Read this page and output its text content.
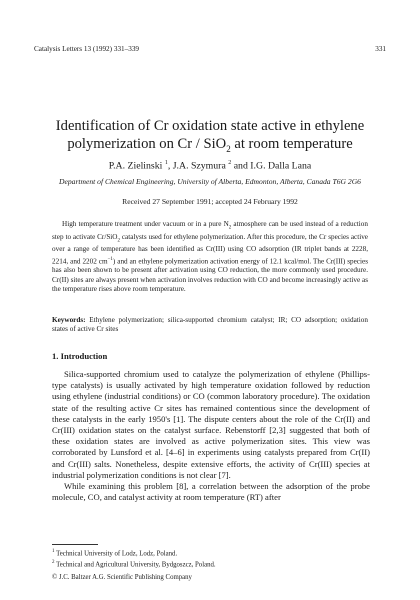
Catalysis Letters 13 (1992) 331–339	331
Identification of Cr oxidation state active in ethylene
polymerization on Cr / SiO$_2$ at room temperature
P.A. Zielinski $^1$, J.A. Szymura $^2$ and I.G. Dalla Lana
Department of Chemical Engineering, University of Alberta, Edmonton, Alberta, Canada T6G 2G6
Received 27 September 1991; accepted 24 February 1992
High temperature treatment under vacuum or in a pure $N_2$ atmosphere can be used instead of a reduction step to activate Cr/SiO$_2$ catalysts used for ethylene polymerization. After this procedure, the Cr species active over a range of temperature has been identified as Cr(III) using CO adsorption (IR triplet bands at 2228, 2214, and 2202 $cm^{-1}$) and an ethylene polymerization activation energy of 12.1 kcal/mol. The Cr(III) species has also been shown to be present after activation using CO reduction, the more commonly used procedure. Cr(II) sites are always present when activation involves reduction with CO and become increasingly active as the temperature rises above room temperature.
Keywords: Ethylene polymerization; silica-supported chromium catalyst; IR; CO adsorption; oxidation states of active Cr sites
1. Introduction

Silica-supported chromium used to catalyze the polymerization of ethylene (Phillips-type catalysts) is usually activated by high temperature oxidation followed by reduction using ethylene (industrial conditions) or CO (common laboratory procedure). The oxidation state of the resulting active Cr sites has remained contentious since the development of these catalysts in the early 1950's [1]. The dispute centers about the role of the Cr(II) and Cr(III) oxidation states on the catalyst surface. Rebenstorff [2,3] suggested that both of these oxidation states are involved as active polymerization sites. This view was corroborated by Lunsford et al. [4–6] in experiments using catalysts prepared from Cr(II) and Cr(III) salts. Nonetheless, despite extensive efforts, the activity of Cr(III) species at industrial polymerization conditions is not clear [7].

While examining this problem [8], a correlation between the adsorption of the probe molecule, CO, and catalyst activity at room temperature (RT) after

$^1$ Technical University of Lodz, Lodz, Poland.
$^2$ Technical and Agricultural University, Bydgoszcz, Poland.
© J.C. Baltzer A.G. Scientific Publishing Company
